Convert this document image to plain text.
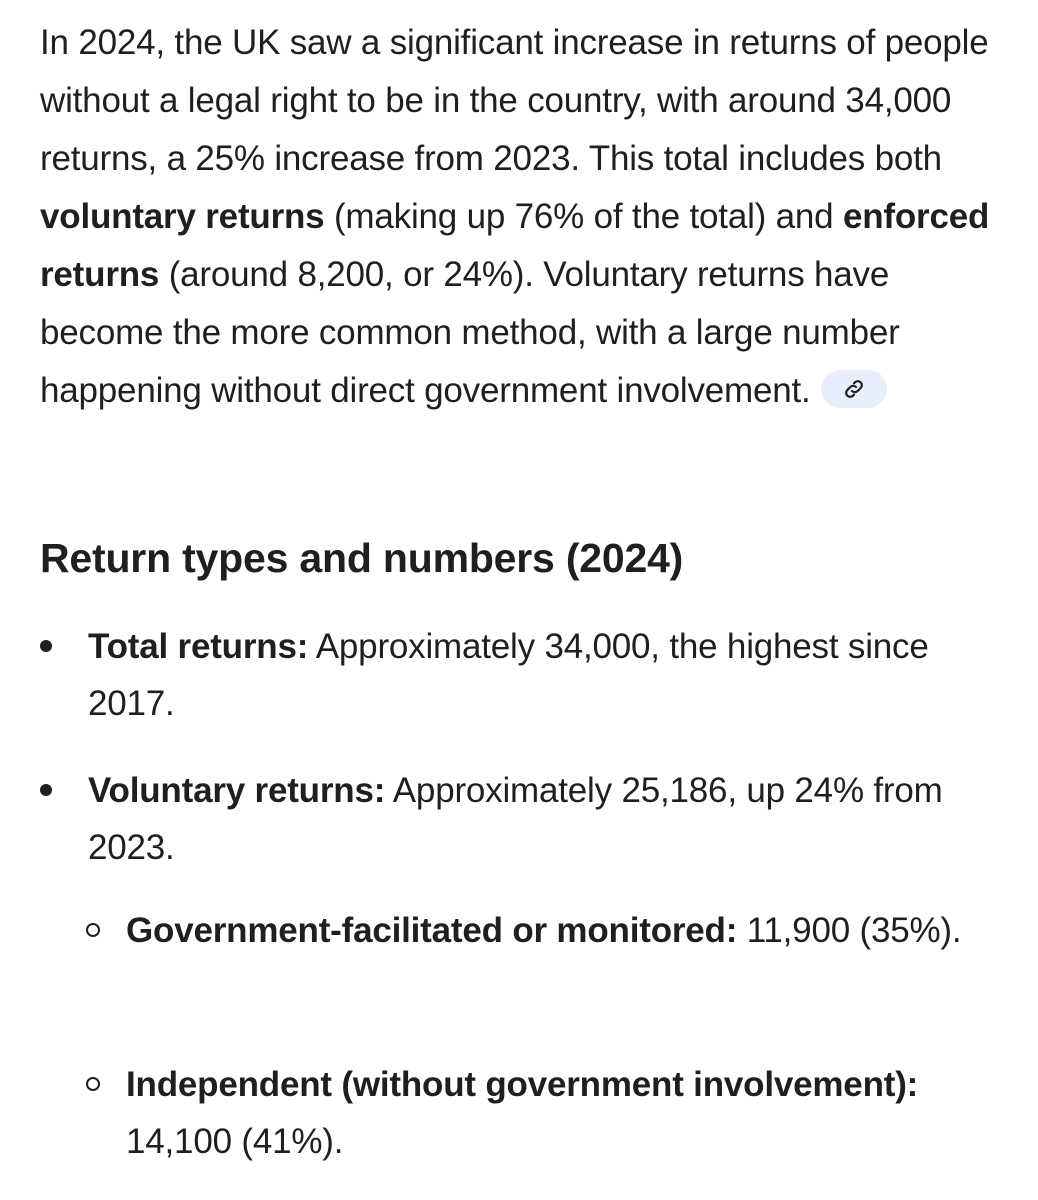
In 2024, the UK saw a significant increase in returns of people without a legal right to be in the country, with around 34,000 returns, a 25% increase from 2023. This total includes both voluntary returns (making up 76% of the total) and enforced returns (around 8,200, or 24%). Voluntary returns have become the more common method, with a large number happening without direct government involvement.

Return types and numbers (2024)
Total returns: Approximately 34,000, the highest since 2017.
Voluntary returns: Approximately 25,186, up 24% from 2023.
Government-facilitated or monitored: 11,900 (35%).
Independent (without government involvement): 14,100 (41%).
